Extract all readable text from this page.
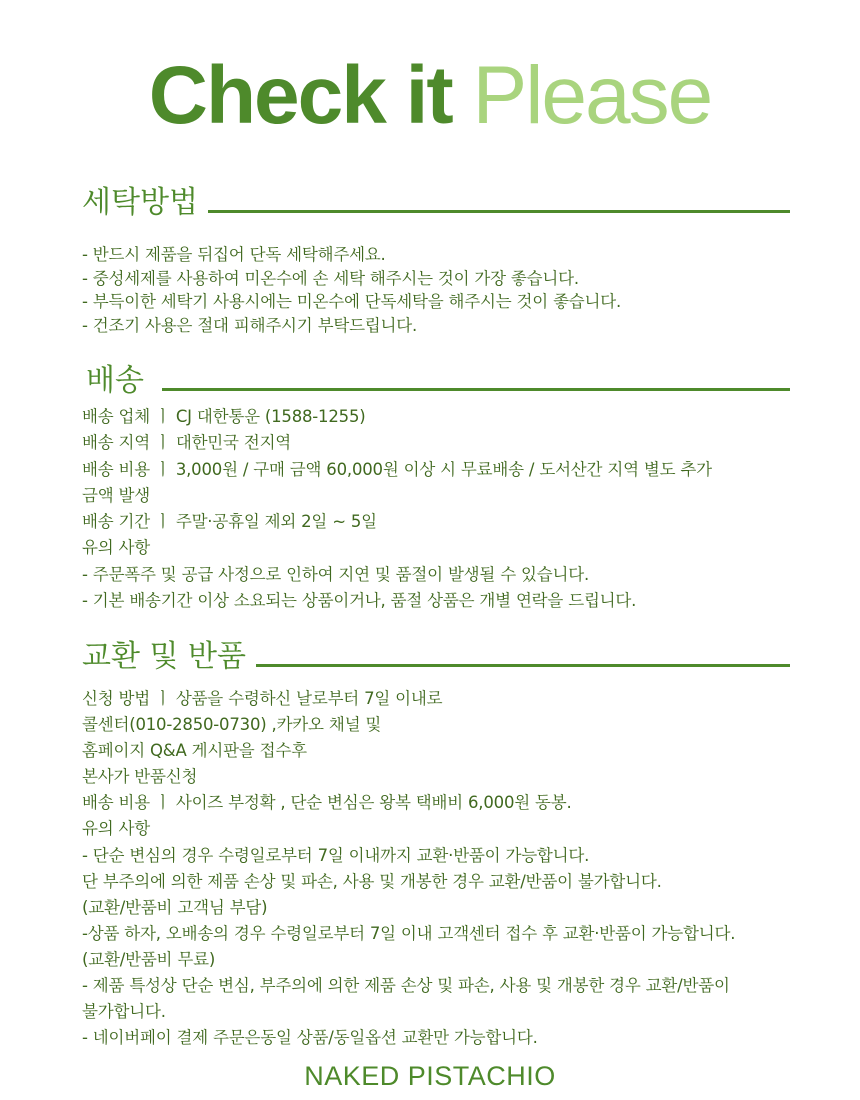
Check it Please
세탁방법
- 반드시 제품을 뒤집어 단독 세탁해주세요.
- 중성세제를 사용하여 미온수에 손 세탁 해주시는 것이 가장 좋습니다.
- 부득이한 세탁기 사용시에는 미온수에 단독세탁을 해주시는 것이 좋습니다.
- 건조기 사용은 절대 피해주시기 부탁드립니다.
배송
배송 업체 ㅣ CJ 대한통운 (1588-1255)
배송 지역 ㅣ 대한민국 전지역
배송 비용 ㅣ 3,000원 / 구매 금액 60,000원 이상 시 무료배송 / 도서산간 지역 별도 추가
금액 발생
배송 기간 ㅣ 주말·공휴일 제외 2일 ~ 5일
유의 사항
- 주문폭주 및 공급 사정으로 인하여 지연 및 품절이 발생될 수 있습니다.
- 기본 배송기간 이상 소요되는 상품이거나, 품절 상품은 개별 연락을 드립니다.
교환 및 반품
신청 방법 ㅣ 상품을 수령하신 날로부터 7일 이내로
콜센터(010-2850-0730) ,카카오 채널 및
홈페이지 Q&A 게시판을 접수후
본사가 반품신청
배송 비용 ㅣ 사이즈 부정확 , 단순 변심은 왕복 택배비 6,000원 동봉.
유의 사항
- 단순 변심의 경우 수령일로부터 7일 이내까지 교환·반품이 가능합니다.
단 부주의에 의한 제품 손상 및 파손, 사용 및 개봉한 경우 교환/반품이 불가합니다.
(교환/반품비 고객님 부담)
-상품 하자, 오배송의 경우 수령일로부터 7일 이내 고객센터 접수 후 교환·반품이 가능합니다.
(교환/반품비 무료)
- 제품 특성상 단순 변심, 부주의에 의한 제품 손상 및 파손, 사용 및 개봉한 경우 교환/반품이
불가합니다.
- 네이버페이 결제 주문은동일 상품/동일옵션 교환만 가능합니다.
NAKED PISTACHIO
